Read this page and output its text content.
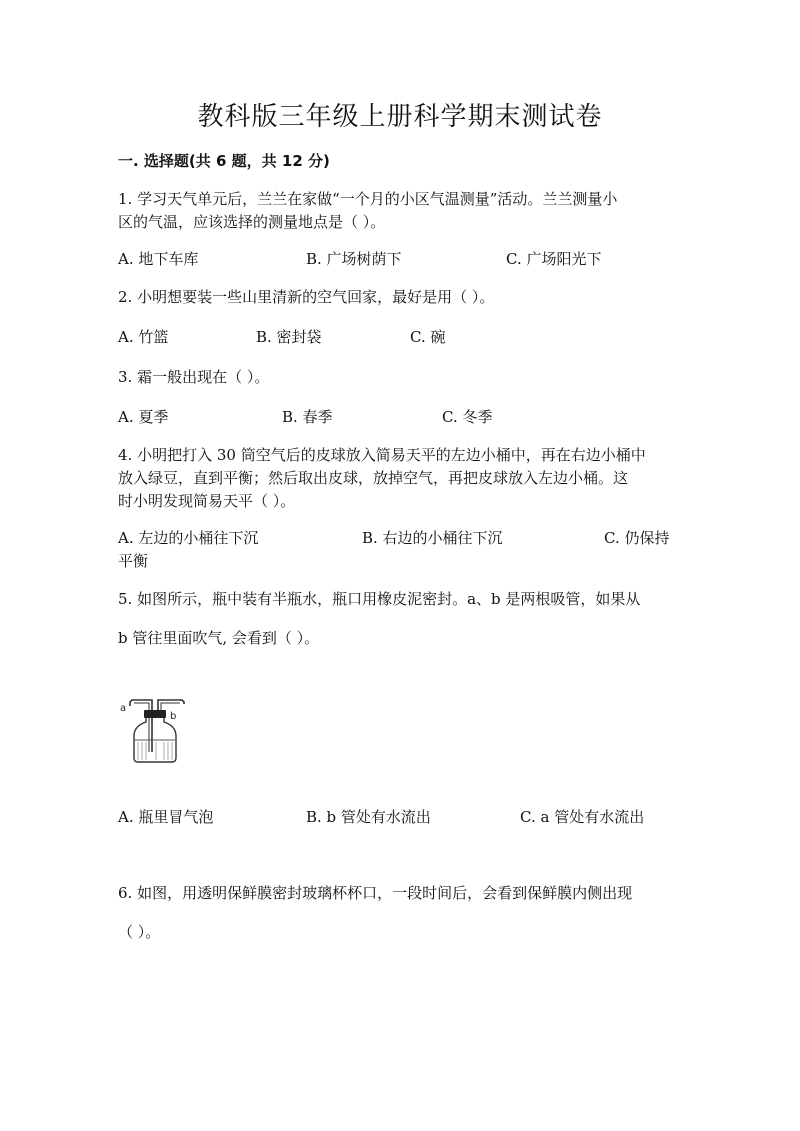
教科版三年级上册科学期末测试卷
一. 选择题(共 6 题，共 12 分)
1. 学习天气单元后，兰兰在家做“一个月的小区气温测量”活动。兰兰测量小
区的气温，应该选择的测量地点是（ ）。
A. 地下车库	B. 广场树荫下	C. 广场阳光下
2. 小明想要装一些山里清新的空气回家，最好是用（ ）。
A. 竹篮	B. 密封袋	C. 碗
3. 霜一般出现在（ ）。
A. 夏季	B. 春季	C. 冬季
4. 小明把打入 30 筒空气后的皮球放入简易天平的左边小桶中，再在右边小桶中
放入绿豆，直到平衡；然后取出皮球，放掉空气，再把皮球放入左边小桶。这
时小明发现简易天平（ ）。
A. 左边的小桶往下沉	B. 右边的小桶往下沉	C. 仍保持
平衡
5. 如图所示，瓶中装有半瓶水，瓶口用橡皮泥密封。a、b 是两根吸管，如果从
b 管往里面吹气, 会看到（ ）。
a
b
A. 瓶里冒气泡	B. b 管处有水流出	C. a 管处有水流出
6. 如图，用透明保鲜膜密封玻璃杯杯口，一段时间后，会看到保鲜膜内侧出现
（ ）。
